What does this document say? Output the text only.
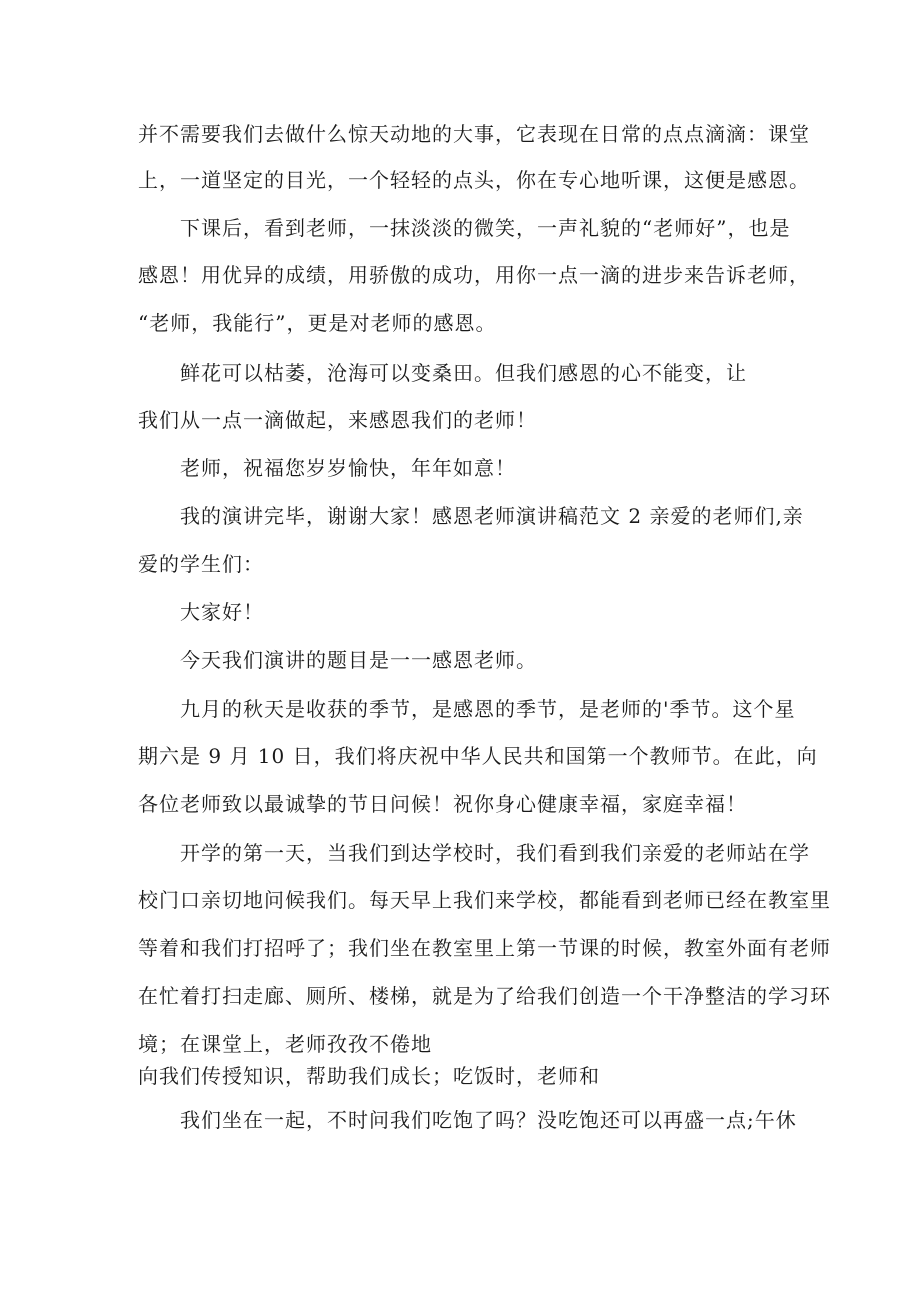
并不需要我们去做什么惊天动地的大事，它表现在日常的点点滴滴：课堂
上，一道坚定的目光，一个轻轻的点头，你在专心地听课，这便是感恩。
下课后，看到老师，一抹淡淡的微笑，一声礼貌的“老师好”，也是
感恩！用优异的成绩，用骄傲的成功，用你一点一滴的进步来告诉老师，
“老师，我能行”，更是对老师的感恩。
鲜花可以枯萎，沧海可以变桑田。但我们感恩的心不能变，让
我们从一点一滴做起，来感恩我们的老师！
老师，祝福您岁岁愉快，年年如意！
我的演讲完毕，谢谢大家！感恩老师演讲稿范文 2 亲爱的老师们,亲
爱的学生们：
大家好！
今天我们演讲的题目是一一感恩老师。
九月的秋天是收获的季节，是感恩的季节，是老师的'季节。这个星
期六是 9 月 10 日，我们将庆祝中华人民共和国第一个教师节。在此，向
各位老师致以最诚挚的节日问候！祝你身心健康幸福，家庭幸福！
开学的第一天，当我们到达学校时，我们看到我们亲爱的老师站在学
校门口亲切地问候我们。每天早上我们来学校，都能看到老师已经在教室里
等着和我们打招呼了；我们坐在教室里上第一节课的时候，教室外面有老师
在忙着打扫走廊、厕所、楼梯，就是为了给我们创造一个干净整洁的学习环
境；在课堂上，老师孜孜不倦地
向我们传授知识，帮助我们成长；吃饭时，老师和
我们坐在一起，不时问我们吃饱了吗？没吃饱还可以再盛一点;午休
